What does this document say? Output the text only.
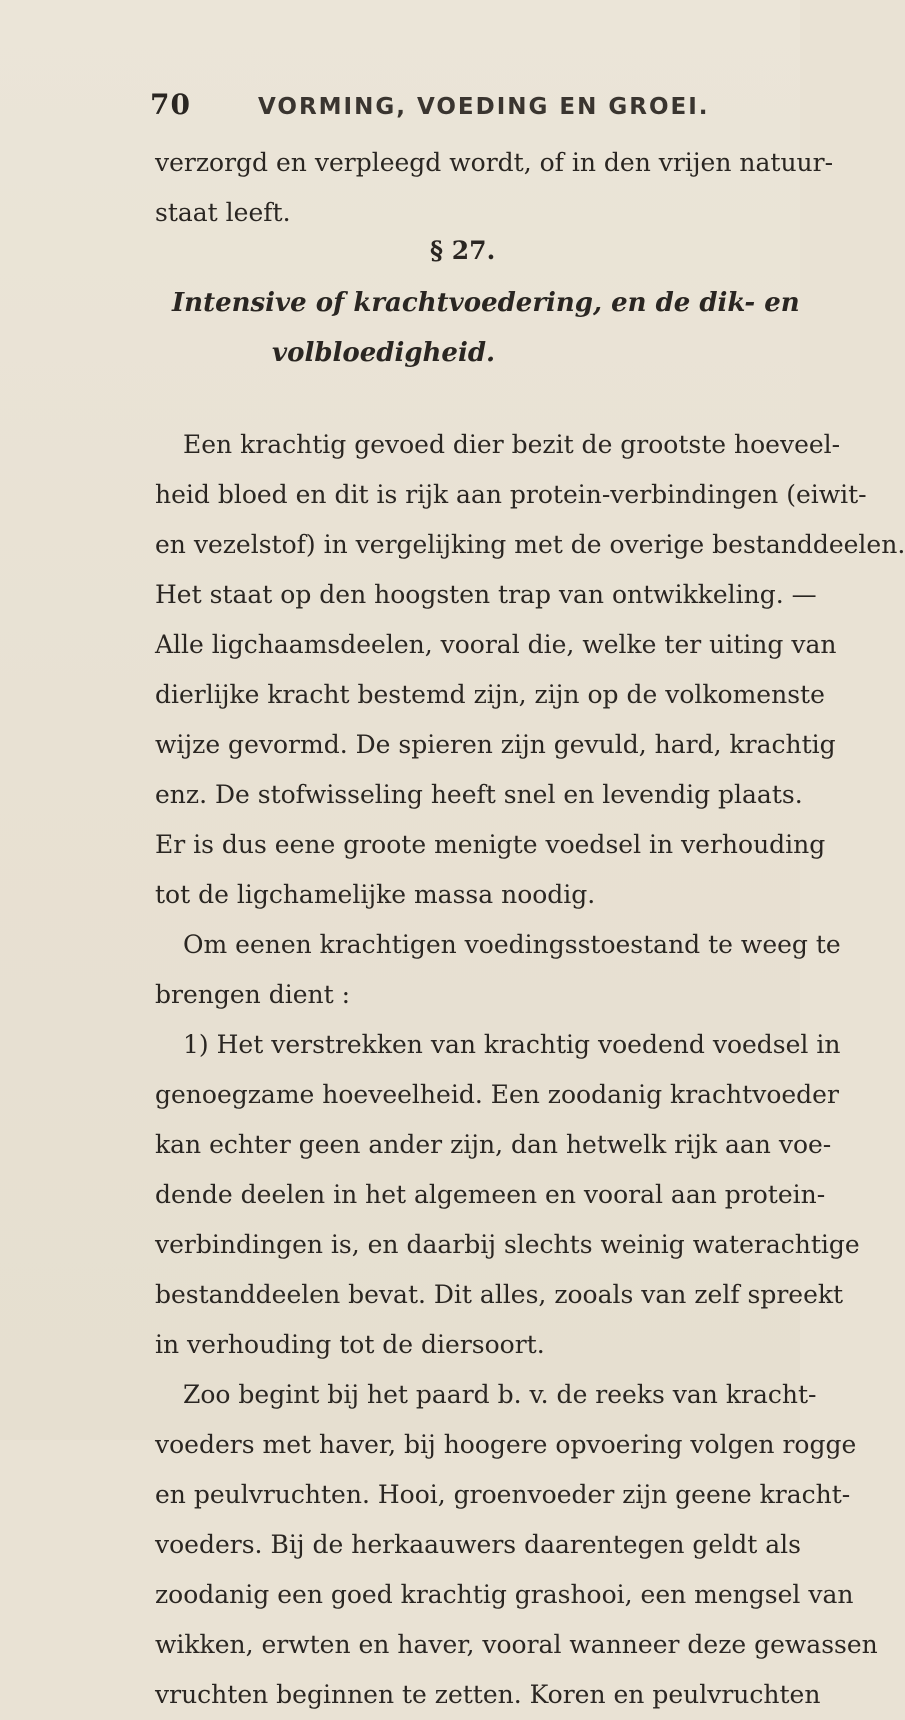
70	VORMING, VOEDING EN GROEI.
verzorgd en verpleegd wordt, of in den vrijen natuur-
staat leeft.
§ 27.
Intensive of krachtvoedering, en de dik- en
volbloedigheid.
Een krachtig gevoed dier bezit de grootste hoeveel-
heid bloed en dit is rijk aan protein-verbindingen (eiwit-
en vezelstof) in vergelijking met de overige bestanddeelen.
Het staat op den hoogsten trap van ontwikkeling. —
Alle ligchaamsdeelen, vooral die, welke ter uiting van
dierlijke kracht bestemd zijn, zijn op de volkomenste
wijze gevormd. De spieren zijn gevuld, hard, krachtig
enz. De stofwisseling heeft snel en levendig plaats.
Er is dus eene groote menigte voedsel in verhouding
tot de ligchamelijke massa noodig.
Om eenen krachtigen voedingsstoestand te weeg te
brengen dient :
1) Het verstrekken van krachtig voedend voedsel in
genoegzame hoeveelheid. Een zoodanig krachtvoeder
kan echter geen ander zijn, dan hetwelk rijk aan voe-
dende deelen in het algemeen en vooral aan protein-
verbindingen is, en daarbij slechts weinig waterachtige
bestanddeelen bevat. Dit alles, zooals van zelf spreekt
in verhouding tot de diersoort.
Zoo begint bij het paard b. v. de reeks van kracht-
voeders met haver, bij hoogere opvoering volgen rogge
en peulvruchten. Hooi, groenvoeder zijn geene kracht-
voeders. Bij de herkaauwers daarentegen geldt als
zoodanig een goed krachtig grashooi, een mengsel van
wikken, erwten en haver, vooral wanneer deze gewassen
vruchten beginnen te zetten. Koren en peulvruchten
